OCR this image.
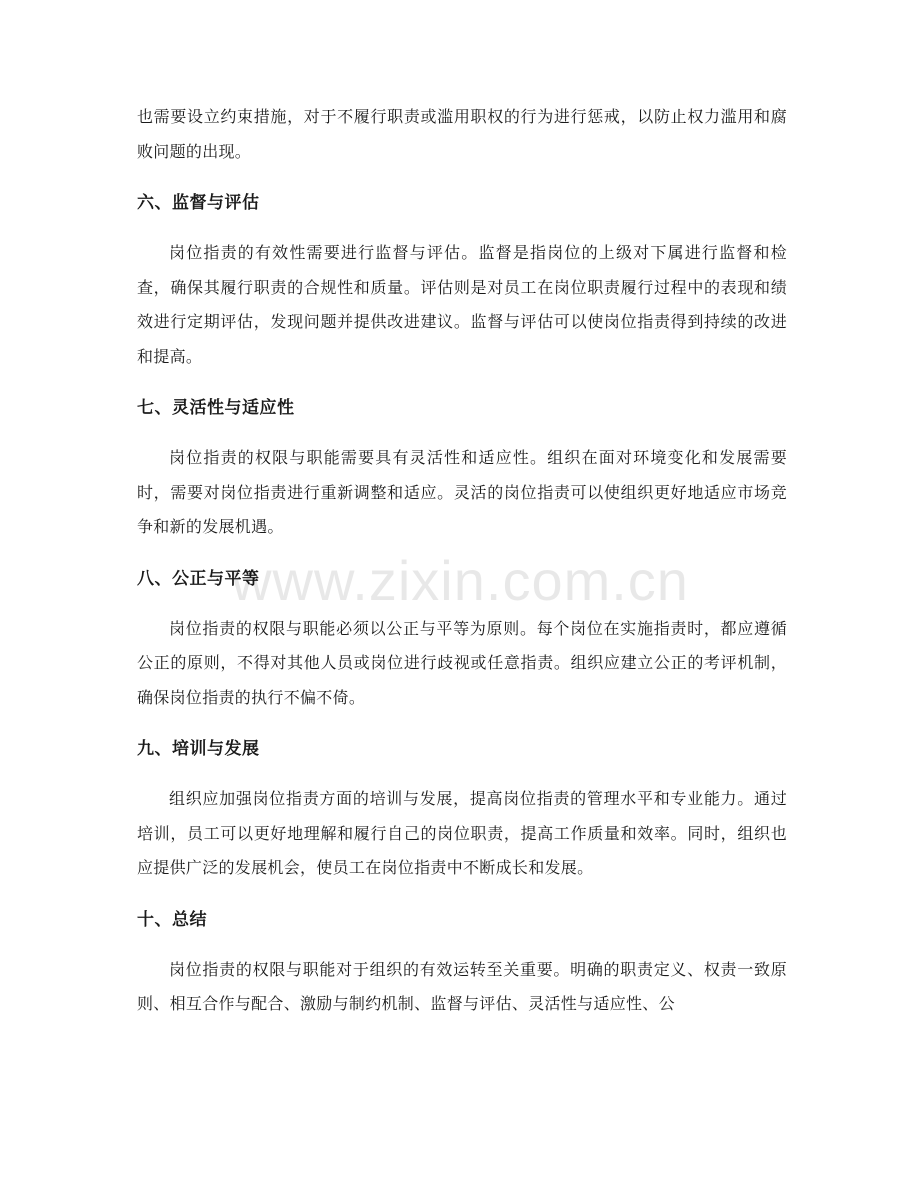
也需要设立约束措施，对于不履行职责或滥用职权的行为进行惩戒，以防止权力滥用和腐败问题的出现。

六、监督与评估

岗位指责的有效性需要进行监督与评估。监督是指岗位的上级对下属进行监督和检查，确保其履行职责的合规性和质量。评估则是对员工在岗位职责履行过程中的表现和绩效进行定期评估，发现问题并提供改进建议。监督与评估可以使岗位指责得到持续的改进和提高。

七、灵活性与适应性

岗位指责的权限与职能需要具有灵活性和适应性。组织在面对环境变化和发展需要时，需要对岗位指责进行重新调整和适应。灵活的岗位指责可以使组织更好地适应市场竞争和新的发展机遇。

八、公正与平等

岗位指责的权限与职能必须以公正与平等为原则。每个岗位在实施指责时，都应遵循公正的原则，不得对其他人员或岗位进行歧视或任意指责。组织应建立公正的考评机制，确保岗位指责的执行不偏不倚。

九、培训与发展

组织应加强岗位指责方面的培训与发展，提高岗位指责的管理水平和专业能力。通过培训，员工可以更好地理解和履行自己的岗位职责，提高工作质量和效率。同时，组织也应提供广泛的发展机会，使员工在岗位指责中不断成长和发展。

十、总结

岗位指责的权限与职能对于组织的有效运转至关重要。明确的职责定义、权责一致原则、相互合作与配合、激励与制约机制、监督与评估、灵活性与适应性、公

www.zixin.com.cn
